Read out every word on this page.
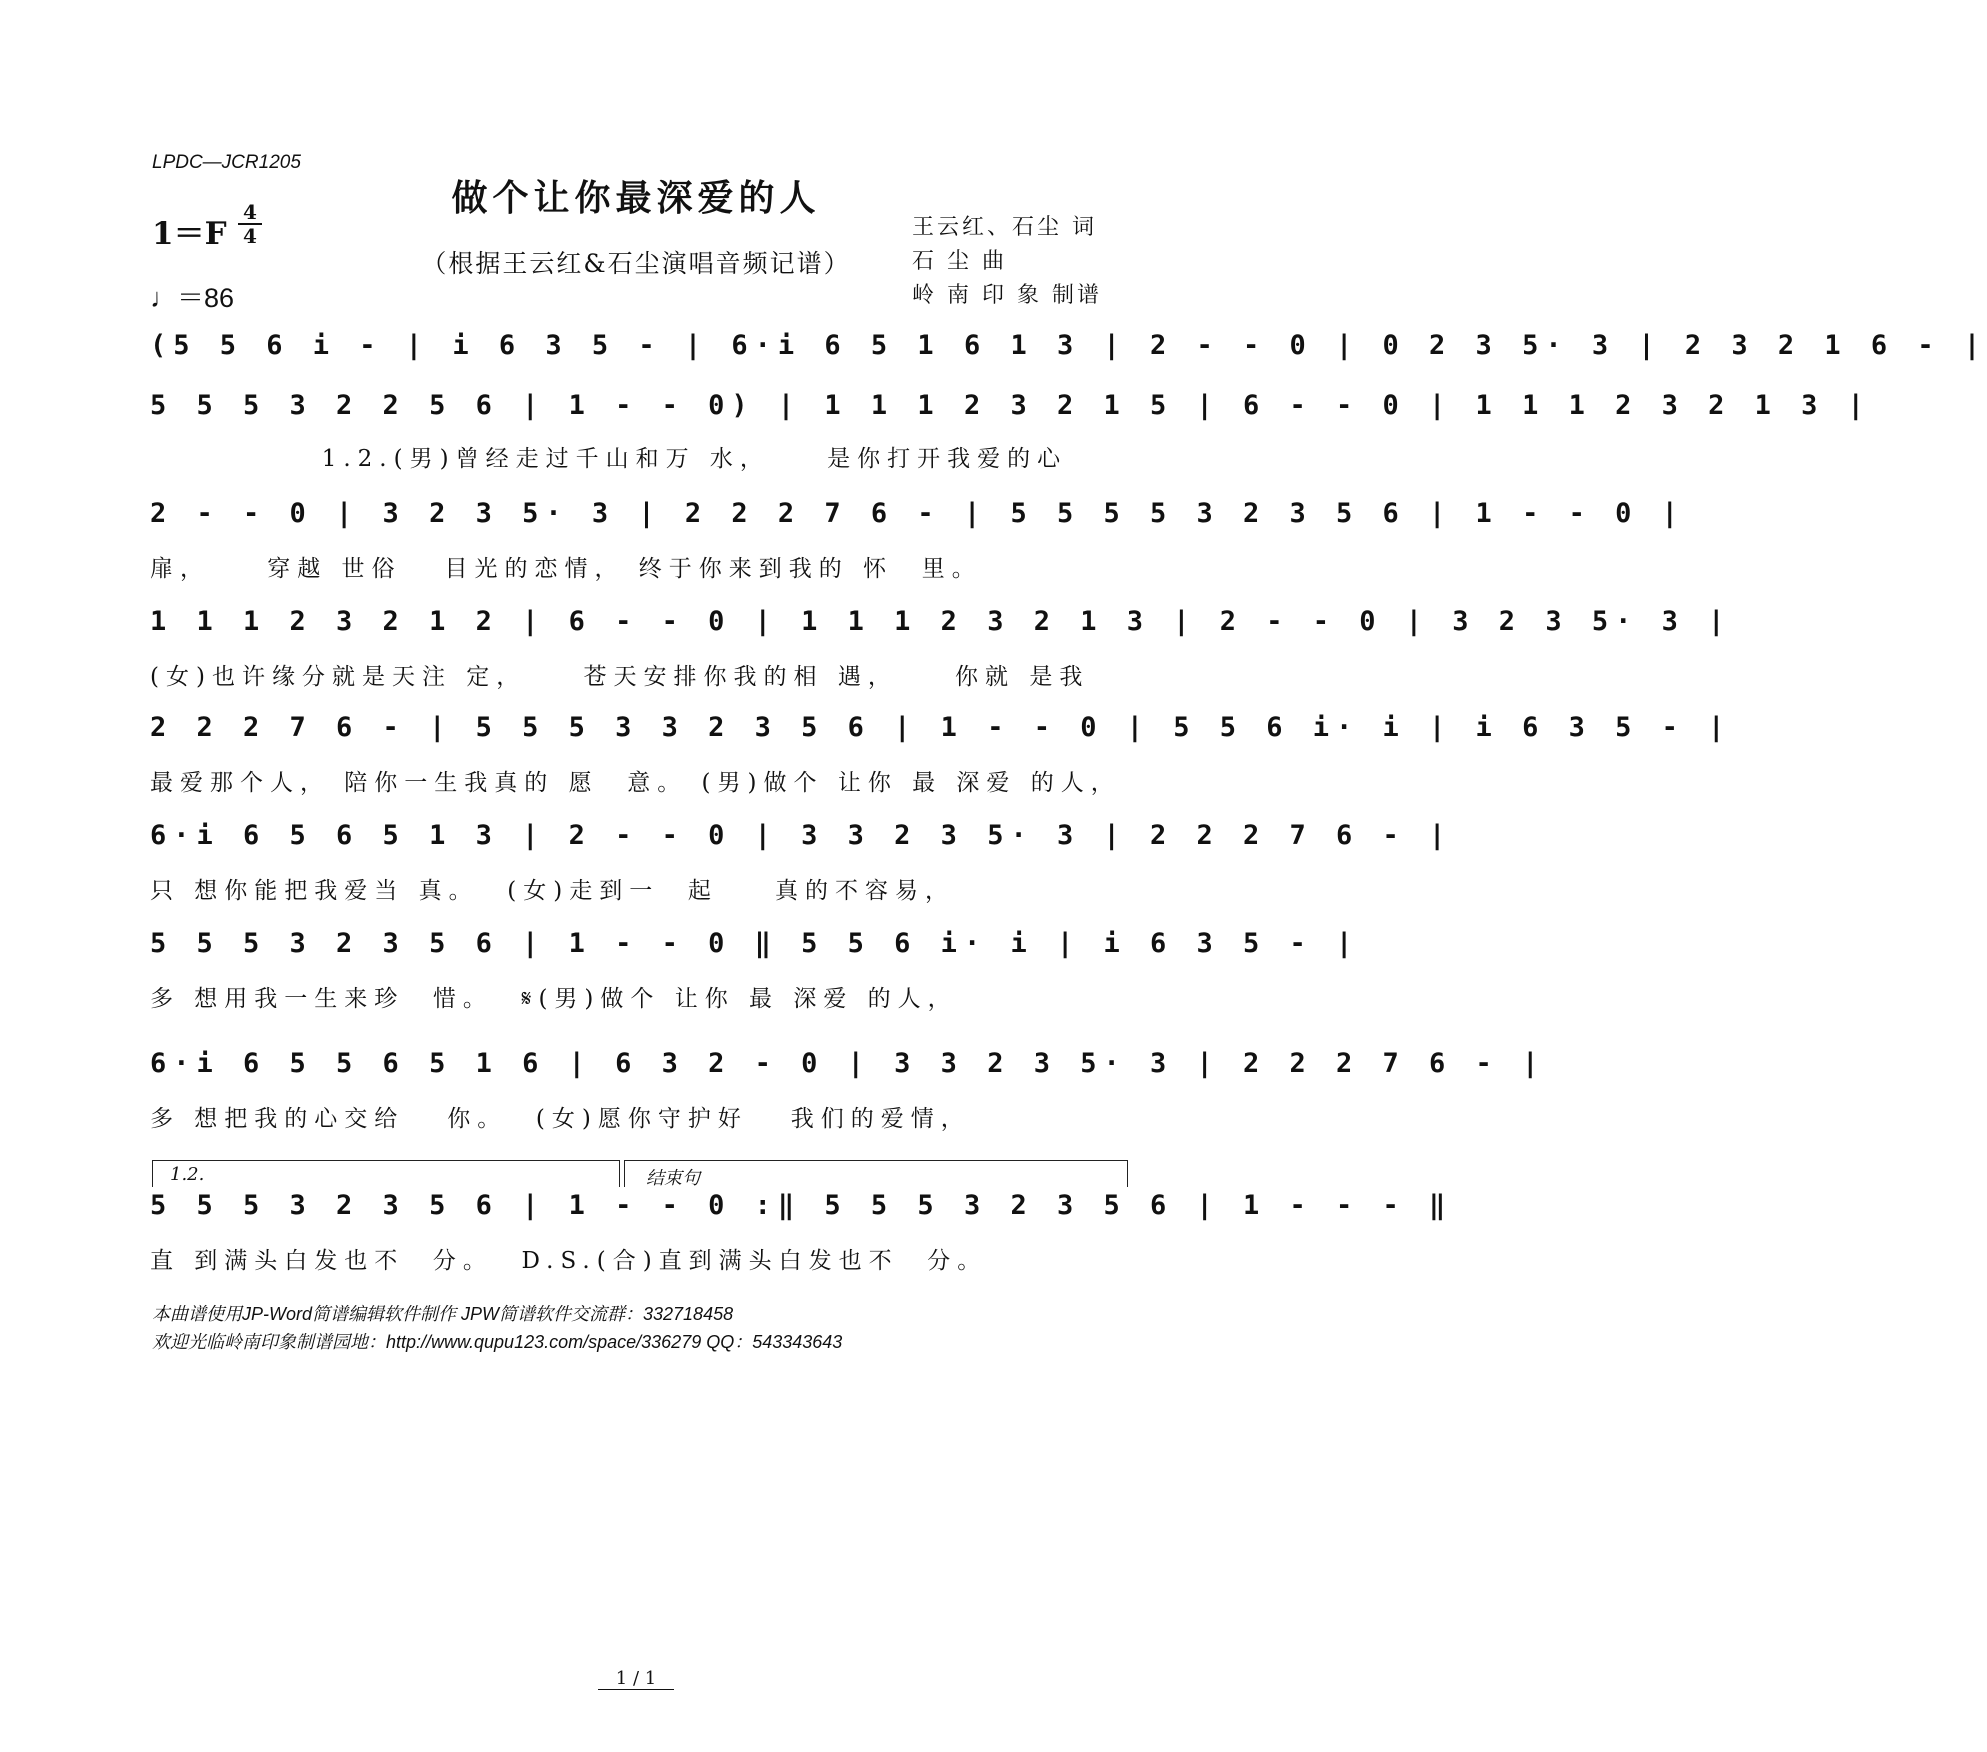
LPDC—JCR1205
做个让你最深爱的人
（根据王云红&石尘演唱音频记谱）
1＝F
4
4
♩＝86
王云红、石尘 词
石 尘 曲
岭 南 印 象 制谱
(5 5 6 i - | i 6 3 5 - | 6·i 6 5 1 6 1 3 | 2 - - 0 | 0 2 3 5· 3 | 2 3 2 1 6 - |
5 5 5 3 2 2 5 6 | 1 - - 0) | 1 1 1 2 3 2 1 5 | 6 - - 0 | 1 1 1 2 3 2 1 3 |
1.2.(男)曾经走过千山和万 水，    是你打开我爱的心
2 - - 0 | 3 2 3 5· 3 | 2 2 2 7 6 - | 5 5 5 5 3 2 3 5 6 | 1 - - 0 |
扉，    穿越 世俗   目光的恋情， 终于你来到我的 怀  里。
1 1 1 2 3 2 1 2 | 6 - - 0 | 1 1 1 2 3 2 1 3 | 2 - - 0 | 3 2 3 5· 3 |
(女)也许缘分就是天注 定，    苍天安排你我的相 遇，    你就 是我
2 2 2 7 6 - | 5 5 5 3 3 2 3 5 6 | 1 - - 0 | 5 5 6 i· i | i 6 3 5 - |
最爱那个人， 陪你一生我真的 愿  意。 (男)做个 让你 最 深爱 的人，
6·i 6 5 6 5 1 3 | 2 - - 0 | 3 3 2 3 5· 3 | 2 2 2 7 6 - |
只 想你能把我爱当 真。  (女)走到一  起    真的不容易，
5 5 5 3 2 3 5 6 | 1 - - 0 ‖ 5 5 6 i· i | i 6 3 5 - |
多 想用我一生来珍  惜。  𝄋(男)做个 让你 最 深爱 的人，
6·i 6 5 5 6 5 1 6 | 6 3 2 - 0 | 3 3 2 3 5· 3 | 2 2 2 7 6 - |
多 想把我的心交给   你。  (女)愿你守护好   我们的爱情，
1.2.	结束句
5 5 5 3 2 3 5 6 | 1 - - 0 :‖ 5 5 5 3 2 3 5 6 | 1 - - - ‖
直 到满头白发也不  分。  D.S.(合)直到满头白发也不  分。
本曲谱使用JP-Word简谱编辑软件制作 JPW简谱软件交流群：332718458
欢迎光临岭南印象制谱园地：http://www.qupu123.com/space/336279 QQ：543343643
1 / 1
